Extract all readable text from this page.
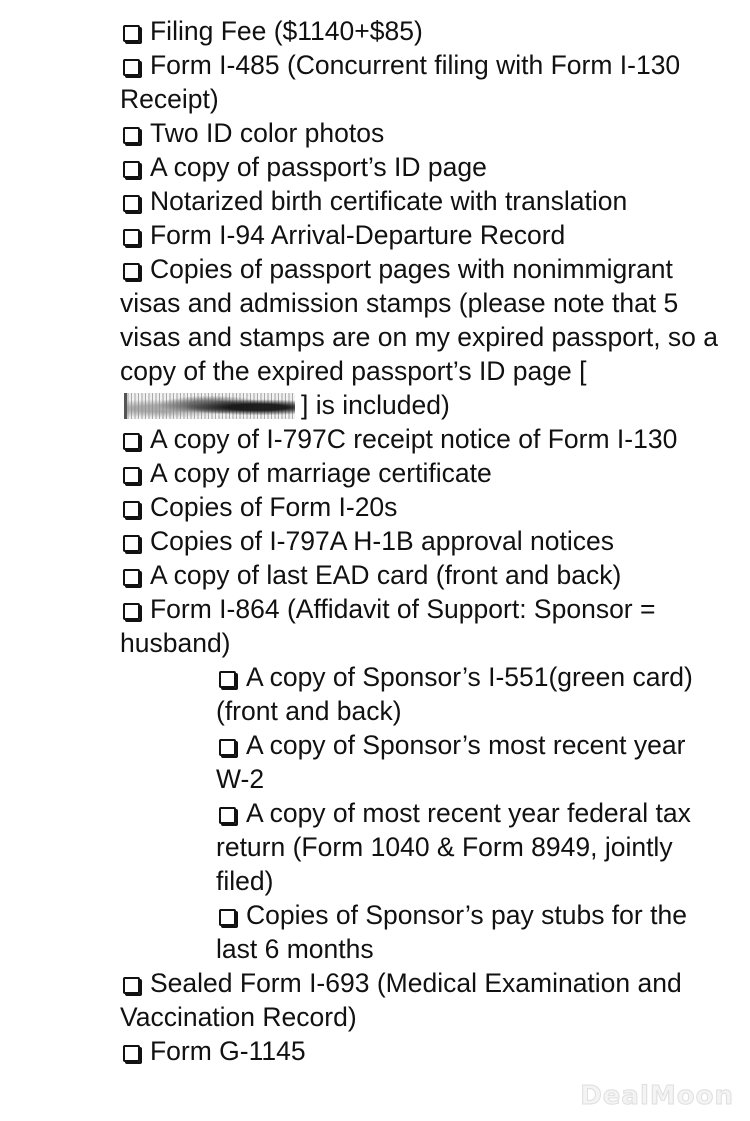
Filing Fee ($1140+$85)
Form I-485 (Concurrent filing with Form I-130 Receipt)
Two ID color photos
A copy of passport’s ID page
Notarized birth certificate with translation
Form I-94 Arrival-Departure Record
Copies of passport pages with nonimmigrant visas and admission stamps (please note that 5 visas and stamps are on my expired passport, so a copy of the expired passport’s ID page [] is included)
A copy of I-797C receipt notice of Form I-130
A copy of marriage certificate
Copies of Form I-20s
Copies of I-797A H-1B approval notices
A copy of last EAD card (front and back)
Form I-864 (Affidavit of Support: Sponsor = husband)
A copy of Sponsor’s I-551(green card) (front and back)
A copy of Sponsor’s most recent year W-2
A copy of most recent year federal tax return (Form 1040 & Form 8949, jointly filed)
Copies of Sponsor’s pay stubs for the last 6 months
Sealed Form I-693 (Medical Examination and Vaccination Record)
Form G-1145
DealMoon
